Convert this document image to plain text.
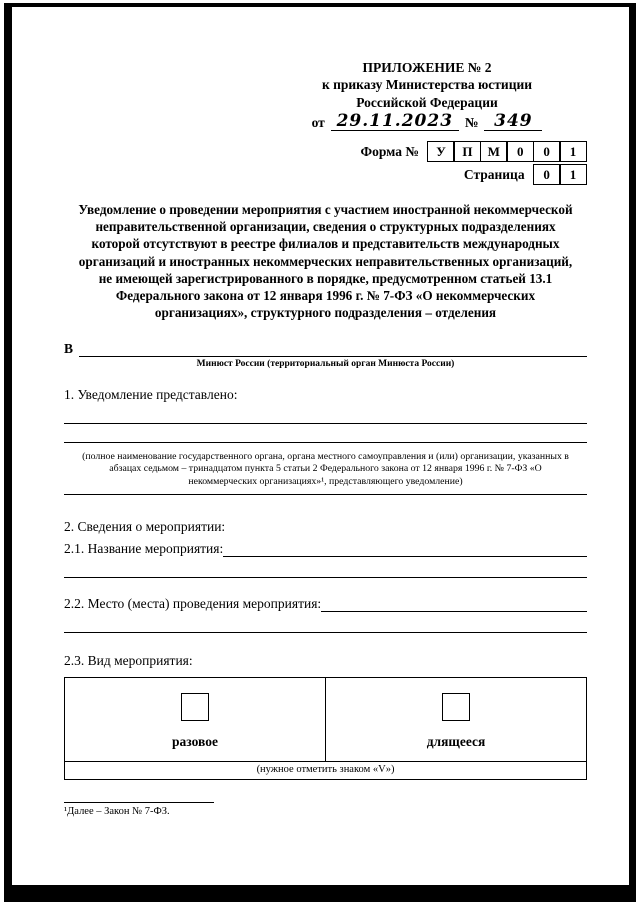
ПРИЛОЖЕНИЕ № 2
к приказу Министерства юстиции
Российской Федерации
от 29.11.2023 № 349
Форма №	У	П	М	0	0	1
Страница	0	1
Уведомление о проведении мероприятия с участием иностранной некоммерческой неправительственной организации, сведения о структурных подразделениях которой отсутствуют в реестре филиалов и представительств международных организаций и иностранных некоммерческих неправительственных организаций, не имеющей зарегистрированного в порядке, предусмотренном статьей 13.1 Федерального закона от 12 января 1996 г. № 7-ФЗ «О некоммерческих организациях», структурного подразделения – отделения
В
Минюст России (территориальный орган Минюста России)
1. Уведомление представлено:
(полное наименование государственного органа, органа местного самоуправления и (или) организации, указанных в абзацах седьмом – тринадцатом пункта 5 статьи 2 Федерального закона от 12 января 1996 г. № 7-ФЗ «О некоммерческих организациях»¹, представляющего уведомление)
2. Сведения о мероприятии:
2.1. Название мероприятия:
2.2. Место (места) проведения мероприятия:
2.3. Вид мероприятия:
разовое	длящееся
(нужное отметить знаком «V»)
¹Далее – Закон № 7-ФЗ.
